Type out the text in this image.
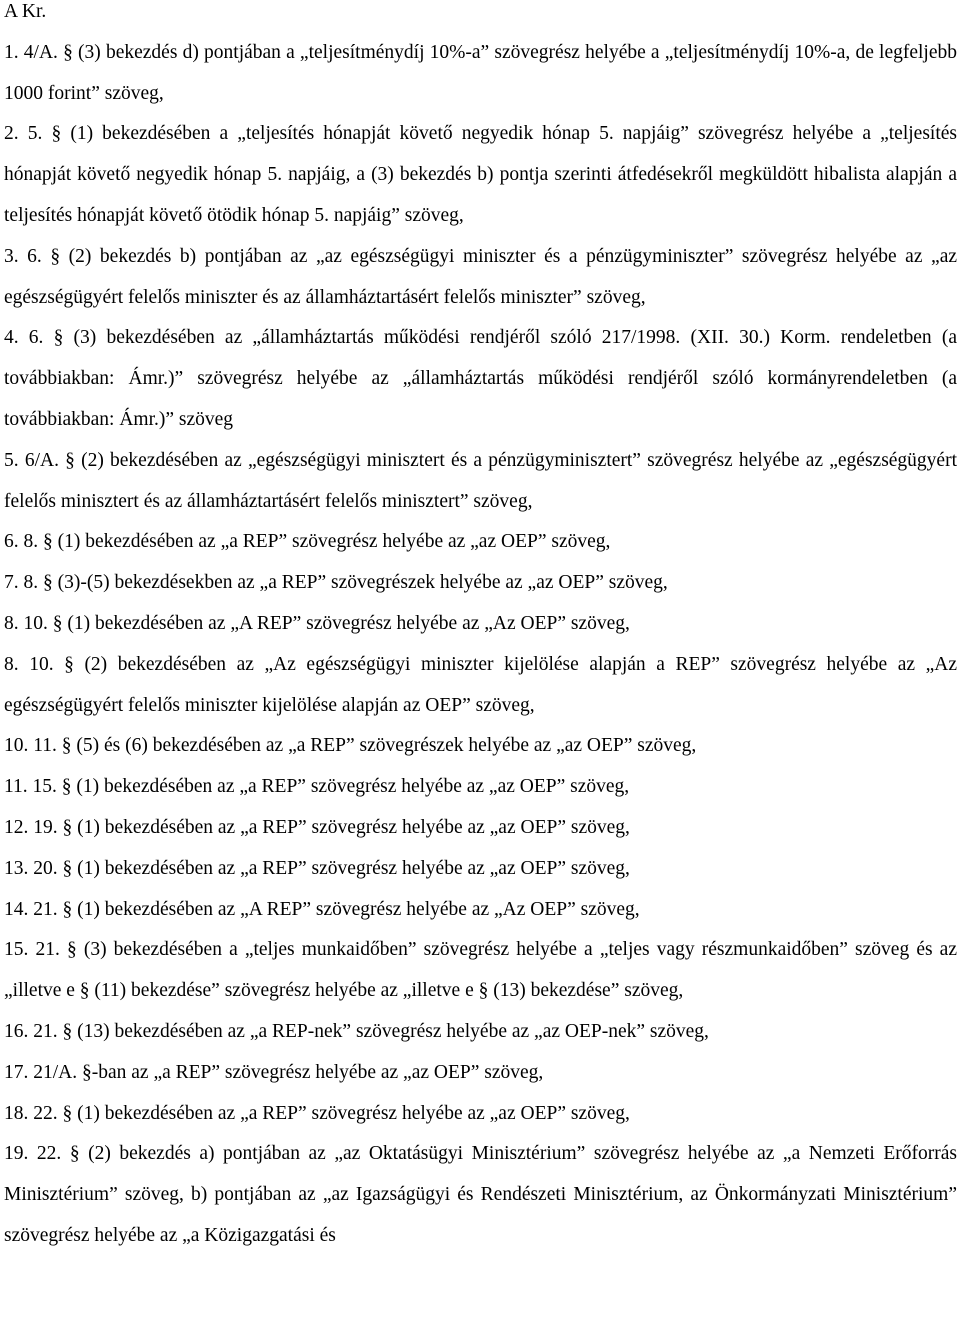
A Kr.

1. 4/A. § (3) bekezdés d) pontjában a „teljesítménydíj 10%-a” szövegrész helyébe a „teljesítménydíj 10%-a, de legfeljebb 1000 forint” szöveg,

2. 5. § (1) bekezdésében a „teljesítés hónapját követő negyedik hónap 5. napjáig” szövegrész helyébe a „teljesítés hónapját követő negyedik hónap 5. napjáig, a (3) bekezdés b) pontja szerinti átfedésekről megküldött hibalista alapján a teljesítés hónapját követő ötödik hónap 5. napjáig” szöveg,

3. 6. § (2) bekezdés b) pontjában az „az egészségügyi miniszter és a pénzügyminiszter” szövegrész helyébe az „az egészségügyért felelős miniszter és az államháztartásért felelős miniszter” szöveg,

4. 6. § (3) bekezdésében az „államháztartás működési rendjéről szóló 217/1998. (XII. 30.) Korm. rendeletben (a továbbiakban: Ámr.)” szövegrész helyébe az „államháztartás működési rendjéről szóló kormányrendeletben (a továbbiakban: Ámr.)” szöveg

5. 6/A. § (2) bekezdésében az „egészségügyi minisztert és a pénzügyminisztert” szövegrész helyébe az „egészségügyért felelős minisztert és az államháztartásért felelős minisztert” szöveg,

6. 8. § (1) bekezdésében az „a REP” szövegrész helyébe az „az OEP” szöveg,

7. 8. § (3)-(5) bekezdésekben az „a REP” szövegrészek helyébe az „az OEP” szöveg,

8. 10. § (1) bekezdésében az „A REP” szövegrész helyébe az „Az OEP” szöveg,

8. 10. § (2) bekezdésében az „Az egészségügyi miniszter kijelölése alapján a REP” szövegrész helyébe az „Az egészségügyért felelős miniszter kijelölése alapján az OEP” szöveg,

10. 11. § (5) és (6) bekezdésében az „a REP” szövegrészek helyébe az „az OEP” szöveg,

11. 15. § (1) bekezdésében az „a REP” szövegrész helyébe az „az OEP” szöveg,

12. 19. § (1) bekezdésében az „a REP” szövegrész helyébe az „az OEP” szöveg,

13. 20. § (1) bekezdésében az „a REP” szövegrész helyébe az „az OEP” szöveg,

14. 21. § (1) bekezdésében az „A REP” szövegrész helyébe az „Az OEP” szöveg,

15. 21. § (3) bekezdésében a „teljes munkaidőben” szövegrész helyébe a „teljes vagy részmunkaidőben” szöveg és az „illetve e § (11) bekezdése” szövegrész helyébe az „illetve e § (13) bekezdése” szöveg,

16. 21. § (13) bekezdésében az „a REP-nek” szövegrész helyébe az „az OEP-nek” szöveg,

17. 21/A. §-ban az „a REP” szövegrész helyébe az „az OEP” szöveg,

18. 22. § (1) bekezdésében az „a REP” szövegrész helyébe az „az OEP” szöveg,

19. 22. § (2) bekezdés a) pontjában az „az Oktatásügyi Minisztérium” szövegrész helyébe az „a Nemzeti Erőforrás Minisztérium” szöveg, b) pontjában az „az Igazságügyi és Rendészeti Minisztérium, az Önkormányzati Minisztérium” szövegrész helyébe az „a Közigazgatási és
